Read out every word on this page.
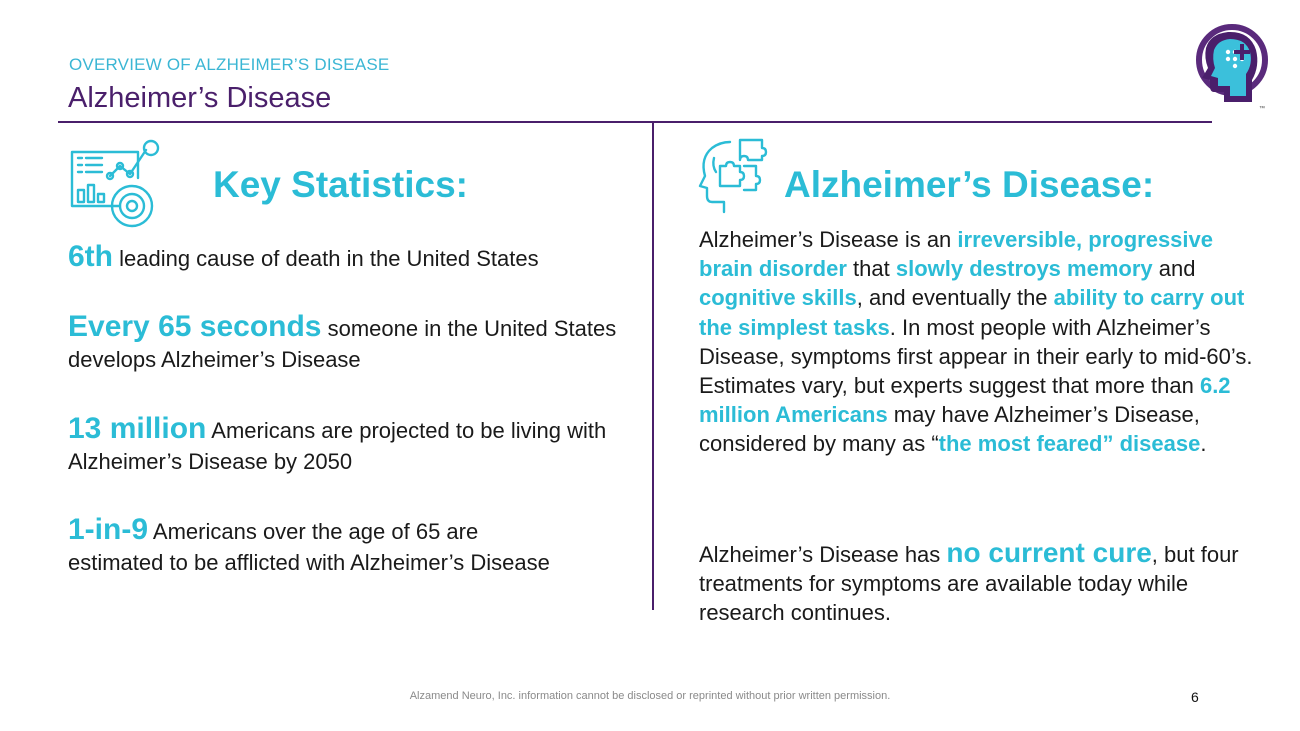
OVERVIEW OF ALZHEIMER’S DISEASE
Alzheimer’s Disease	™
Key Statistics:
6th leading cause of death in the United States
Every 65 seconds someone in the United States develops Alzheimer’s Disease
13 million Americans are projected to be living with Alzheimer’s Disease by 2050
1-in-9 Americans over the age of 65 are estimated to be afflicted with Alzheimer’s Disease
Alzheimer’s Disease:
Alzheimer’s Disease is an irreversible, progressive brain disorder that slowly destroys memory and cognitive skills, and eventually the ability to carry out the simplest tasks. In most people with Alzheimer’s Disease, symptoms first appear in their early to mid-60’s. Estimates vary, but experts suggest that more than 6.2 million Americans may have Alzheimer’s Disease, considered by many as “the most feared” disease.
Alzheimer’s Disease has no current cure, but four treatments for symptoms are available today while research continues.
Alzamend Neuro, Inc. information cannot be disclosed or reprinted without prior written permission.	6
